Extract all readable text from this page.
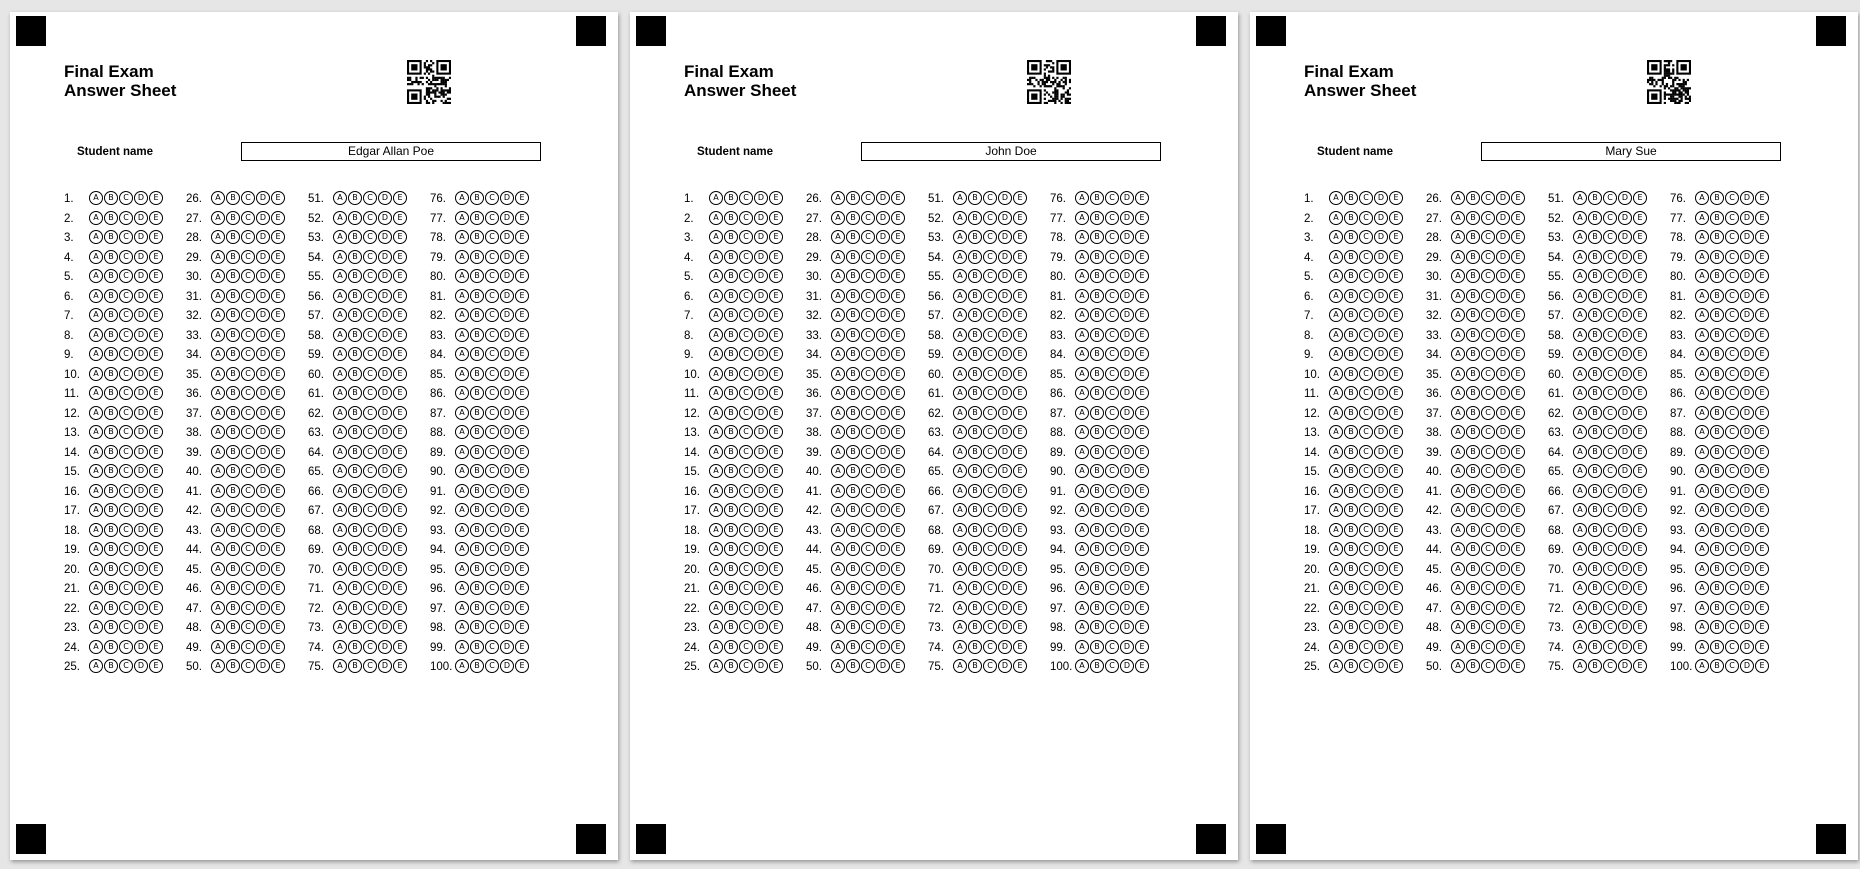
Final Exam
Answer Sheet
Student name	Edgar Allan Poe
1.	A	B	C	D	E
2.	A	B	C	D	E
3.	A	B	C	D	E
4.	A	B	C	D	E
5.	A	B	C	D	E
6.	A	B	C	D	E
7.	A	B	C	D	E
8.	A	B	C	D	E
9.	A	B	C	D	E
10.	A	B	C	D	E
11.	A	B	C	D	E
12.	A	B	C	D	E
13.	A	B	C	D	E
14.	A	B	C	D	E
15.	A	B	C	D	E
16.	A	B	C	D	E
17.	A	B	C	D	E
18.	A	B	C	D	E
19.	A	B	C	D	E
20.	A	B	C	D	E
21.	A	B	C	D	E
22.	A	B	C	D	E
23.	A	B	C	D	E
24.	A	B	C	D	E
25.	A	B	C	D	E
26.	A	B	C	D	E
27.	A	B	C	D	E
28.	A	B	C	D	E
29.	A	B	C	D	E
30.	A	B	C	D	E
31.	A	B	C	D	E
32.	A	B	C	D	E
33.	A	B	C	D	E
34.	A	B	C	D	E
35.	A	B	C	D	E
36.	A	B	C	D	E
37.	A	B	C	D	E
38.	A	B	C	D	E
39.	A	B	C	D	E
40.	A	B	C	D	E
41.	A	B	C	D	E
42.	A	B	C	D	E
43.	A	B	C	D	E
44.	A	B	C	D	E
45.	A	B	C	D	E
46.	A	B	C	D	E
47.	A	B	C	D	E
48.	A	B	C	D	E
49.	A	B	C	D	E
50.	A	B	C	D	E
51.	A	B	C	D	E
52.	A	B	C	D	E
53.	A	B	C	D	E
54.	A	B	C	D	E
55.	A	B	C	D	E
56.	A	B	C	D	E
57.	A	B	C	D	E
58.	A	B	C	D	E
59.	A	B	C	D	E
60.	A	B	C	D	E
61.	A	B	C	D	E
62.	A	B	C	D	E
63.	A	B	C	D	E
64.	A	B	C	D	E
65.	A	B	C	D	E
66.	A	B	C	D	E
67.	A	B	C	D	E
68.	A	B	C	D	E
69.	A	B	C	D	E
70.	A	B	C	D	E
71.	A	B	C	D	E
72.	A	B	C	D	E
73.	A	B	C	D	E
74.	A	B	C	D	E
75.	A	B	C	D	E
76.	A	B	C	D	E
77.	A	B	C	D	E
78.	A	B	C	D	E
79.	A	B	C	D	E
80.	A	B	C	D	E
81.	A	B	C	D	E
82.	A	B	C	D	E
83.	A	B	C	D	E
84.	A	B	C	D	E
85.	A	B	C	D	E
86.	A	B	C	D	E
87.	A	B	C	D	E
88.	A	B	C	D	E
89.	A	B	C	D	E
90.	A	B	C	D	E
91.	A	B	C	D	E
92.	A	B	C	D	E
93.	A	B	C	D	E
94.	A	B	C	D	E
95.	A	B	C	D	E
96.	A	B	C	D	E
97.	A	B	C	D	E
98.	A	B	C	D	E
99.	A	B	C	D	E
100. A	B	C	D	E
Final Exam
Answer Sheet
Student name	John Doe
1.	A	B	C	D	E
2.	A	B	C	D	E
3.	A	B	C	D	E
4.	A	B	C	D	E
5.	A	B	C	D	E
6.	A	B	C	D	E
7.	A	B	C	D	E
8.	A	B	C	D	E
9.	A	B	C	D	E
10.	A	B	C	D	E
11.	A	B	C	D	E
12.	A	B	C	D	E
13.	A	B	C	D	E
14.	A	B	C	D	E
15.	A	B	C	D	E
16.	A	B	C	D	E
17.	A	B	C	D	E
18.	A	B	C	D	E
19.	A	B	C	D	E
20.	A	B	C	D	E
21.	A	B	C	D	E
22.	A	B	C	D	E
23.	A	B	C	D	E
24.	A	B	C	D	E
25.	A	B	C	D	E
26.	A	B	C	D	E
27.	A	B	C	D	E
28.	A	B	C	D	E
29.	A	B	C	D	E
30.	A	B	C	D	E
31.	A	B	C	D	E
32.	A	B	C	D	E
33.	A	B	C	D	E
34.	A	B	C	D	E
35.	A	B	C	D	E
36.	A	B	C	D	E
37.	A	B	C	D	E
38.	A	B	C	D	E
39.	A	B	C	D	E
40.	A	B	C	D	E
41.	A	B	C	D	E
42.	A	B	C	D	E
43.	A	B	C	D	E
44.	A	B	C	D	E
45.	A	B	C	D	E
46.	A	B	C	D	E
47.	A	B	C	D	E
48.	A	B	C	D	E
49.	A	B	C	D	E
50.	A	B	C	D	E
51.	A	B	C	D	E
52.	A	B	C	D	E
53.	A	B	C	D	E
54.	A	B	C	D	E
55.	A	B	C	D	E
56.	A	B	C	D	E
57.	A	B	C	D	E
58.	A	B	C	D	E
59.	A	B	C	D	E
60.	A	B	C	D	E
61.	A	B	C	D	E
62.	A	B	C	D	E
63.	A	B	C	D	E
64.	A	B	C	D	E
65.	A	B	C	D	E
66.	A	B	C	D	E
67.	A	B	C	D	E
68.	A	B	C	D	E
69.	A	B	C	D	E
70.	A	B	C	D	E
71.	A	B	C	D	E
72.	A	B	C	D	E
73.	A	B	C	D	E
74.	A	B	C	D	E
75.	A	B	C	D	E
76.	A	B	C	D	E
77.	A	B	C	D	E
78.	A	B	C	D	E
79.	A	B	C	D	E
80.	A	B	C	D	E
81.	A	B	C	D	E
82.	A	B	C	D	E
83.	A	B	C	D	E
84.	A	B	C	D	E
85.	A	B	C	D	E
86.	A	B	C	D	E
87.	A	B	C	D	E
88.	A	B	C	D	E
89.	A	B	C	D	E
90.	A	B	C	D	E
91.	A	B	C	D	E
92.	A	B	C	D	E
93.	A	B	C	D	E
94.	A	B	C	D	E
95.	A	B	C	D	E
96.	A	B	C	D	E
97.	A	B	C	D	E
98.	A	B	C	D	E
99.	A	B	C	D	E
100. A	B	C	D	E
Final Exam
Answer Sheet
Student name	Mary Sue
1.	A	B	C	D	E
2.	A	B	C	D	E
3.	A	B	C	D	E
4.	A	B	C	D	E
5.	A	B	C	D	E
6.	A	B	C	D	E
7.	A	B	C	D	E
8.	A	B	C	D	E
9.	A	B	C	D	E
10.	A	B	C	D	E
11.	A	B	C	D	E
12.	A	B	C	D	E
13.	A	B	C	D	E
14.	A	B	C	D	E
15.	A	B	C	D	E
16.	A	B	C	D	E
17.	A	B	C	D	E
18.	A	B	C	D	E
19.	A	B	C	D	E
20.	A	B	C	D	E
21.	A	B	C	D	E
22.	A	B	C	D	E
23.	A	B	C	D	E
24.	A	B	C	D	E
25.	A	B	C	D	E
26.	A	B	C	D	E
27.	A	B	C	D	E
28.	A	B	C	D	E
29.	A	B	C	D	E
30.	A	B	C	D	E
31.	A	B	C	D	E
32.	A	B	C	D	E
33.	A	B	C	D	E
34.	A	B	C	D	E
35.	A	B	C	D	E
36.	A	B	C	D	E
37.	A	B	C	D	E
38.	A	B	C	D	E
39.	A	B	C	D	E
40.	A	B	C	D	E
41.	A	B	C	D	E
42.	A	B	C	D	E
43.	A	B	C	D	E
44.	A	B	C	D	E
45.	A	B	C	D	E
46.	A	B	C	D	E
47.	A	B	C	D	E
48.	A	B	C	D	E
49.	A	B	C	D	E
50.	A	B	C	D	E
51.	A	B	C	D	E
52.	A	B	C	D	E
53.	A	B	C	D	E
54.	A	B	C	D	E
55.	A	B	C	D	E
56.	A	B	C	D	E
57.	A	B	C	D	E
58.	A	B	C	D	E
59.	A	B	C	D	E
60.	A	B	C	D	E
61.	A	B	C	D	E
62.	A	B	C	D	E
63.	A	B	C	D	E
64.	A	B	C	D	E
65.	A	B	C	D	E
66.	A	B	C	D	E
67.	A	B	C	D	E
68.	A	B	C	D	E
69.	A	B	C	D	E
70.	A	B	C	D	E
71.	A	B	C	D	E
72.	A	B	C	D	E
73.	A	B	C	D	E
74.	A	B	C	D	E
75.	A	B	C	D	E
76.	A	B	C	D	E
77.	A	B	C	D	E
78.	A	B	C	D	E
79.	A	B	C	D	E
80.	A	B	C	D	E
81.	A	B	C	D	E
82.	A	B	C	D	E
83.	A	B	C	D	E
84.	A	B	C	D	E
85.	A	B	C	D	E
86.	A	B	C	D	E
87.	A	B	C	D	E
88.	A	B	C	D	E
89.	A	B	C	D	E
90.	A	B	C	D	E
91.	A	B	C	D	E
92.	A	B	C	D	E
93.	A	B	C	D	E
94.	A	B	C	D	E
95.	A	B	C	D	E
96.	A	B	C	D	E
97.	A	B	C	D	E
98.	A	B	C	D	E
99.	A	B	C	D	E
100. A	B	C	D	E
